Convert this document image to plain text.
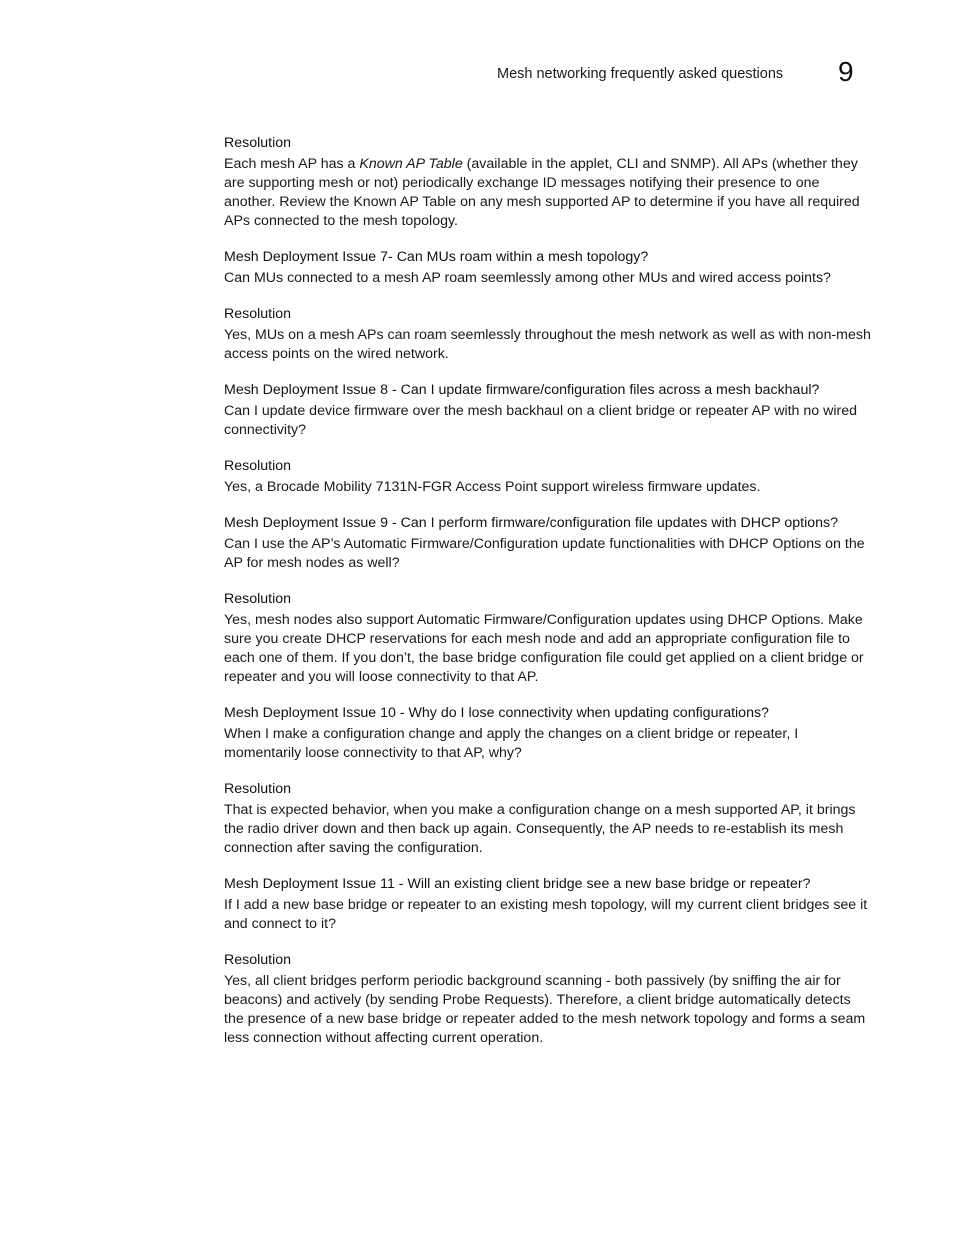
Mesh networking frequently asked questions 9

Resolution

Each mesh AP has a Known AP Table (available in the applet, CLI and SNMP). All APs (whether they are supporting mesh or not) periodically exchange ID messages notifying their presence to one another. Review the Known AP Table on any mesh supported AP to determine if you have all required APs connected to the mesh topology.

Mesh Deployment Issue 7- Can MUs roam within a mesh topology?

Can MUs connected to a mesh AP roam seemlessly among other MUs and wired access points?

Resolution

Yes, MUs on a mesh APs can roam seemlessly throughout the mesh network as well as with non-mesh access points on the wired network.

Mesh Deployment Issue 8 - Can I update firmware/configuration files across a mesh backhaul?

Can I update device firmware over the mesh backhaul on a client bridge or repeater AP with no wired connectivity?

Resolution

Yes, a Brocade Mobility 7131N-FGR Access Point support wireless firmware updates.

Mesh Deployment Issue 9 - Can I perform firmware/configuration file updates with DHCP options?

Can I use the AP’s Automatic Firmware/Configuration update functionalities with DHCP Options on the AP for mesh nodes as well?

Resolution

Yes, mesh nodes also support Automatic Firmware/Configuration updates using DHCP Options. Make sure you create DHCP reservations for each mesh node and add an appropriate configuration file to each one of them. If you don’t, the base bridge configuration file could get applied on a client bridge or repeater and you will loose connectivity to that AP.

Mesh Deployment Issue 10 - Why do I lose connectivity when updating configurations?

When I make a configuration change and apply the changes on a client bridge or repeater, I momentarily loose connectivity to that AP, why?

Resolution

That is expected behavior, when you make a configuration change on a mesh supported AP, it brings the radio driver down and then back up again. Consequently, the AP needs to re-establish its mesh connection after saving the configuration.

Mesh Deployment Issue 11 - Will an existing client bridge see a new base bridge or repeater?

If I add a new base bridge or repeater to an existing mesh topology, will my current client bridges see it and connect to it?

Resolution

Yes, all client bridges perform periodic background scanning - both passively (by sniffing the air for beacons) and actively (by sending Probe Requests). Therefore, a client bridge automatically detects the presence of a new base bridge or repeater added to the mesh network topology and forms a seam less connection without affecting current operation.
